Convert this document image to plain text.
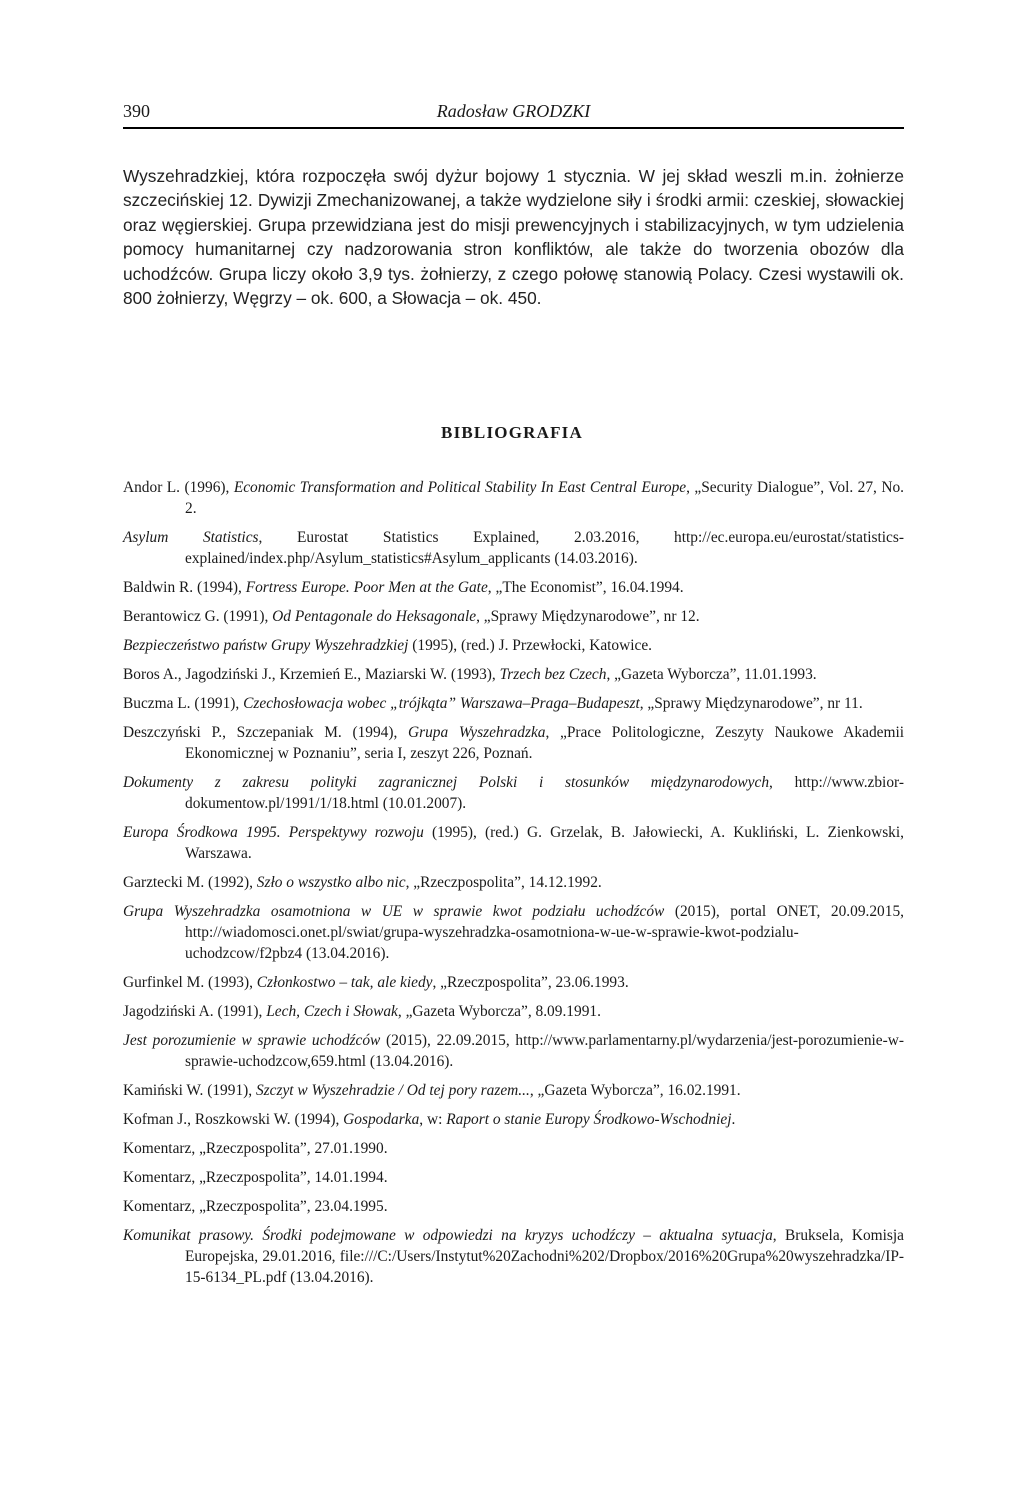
390	Radosław GRODZKI

Wyszehradzkiej, która rozpoczęła swój dyżur bojowy 1 stycznia. W jej skład weszli m.in. żołnierze szczecińskiej 12. Dywizji Zmechanizowanej, a także wydzielone siły i środki armii: czeskiej, słowackiej oraz węgierskiej. Grupa przewidziana jest do misji prewencyjnych i stabilizacyjnych, w tym udzielenia pomocy humanitarnej czy nadzorowania stron konfliktów, ale także do tworzenia obozów dla uchodźców. Grupa liczy około 3,9 tys. żołnierzy, z czego połowę stanowią Polacy. Czesi wystawili ok. 800 żołnierzy, Węgrzy – ok. 600, a Słowacja – ok. 450.

BIBLIOGRAFIA
Andor L. (1996), Economic Transformation and Political Stability In East Central Europe, „Security Dialogue”, Vol. 27, No. 2.
Asylum Statistics, Eurostat Statistics Explained, 2.03.2016, http://ec.europa.eu/eurostat/statistics-explained/index.php/Asylum_statistics#Asylum_applicants (14.03.2016).
Baldwin R. (1994), Fortress Europe. Poor Men at the Gate, „The Economist”, 16.04.1994.
Berantowicz G. (1991), Od Pentagonale do Heksagonale, „Sprawy Międzynarodowe”, nr 12.
Bezpieczeństwo państw Grupy Wyszehradzkiej (1995), (red.) J. Przewłocki, Katowice.
Boros A., Jagodziński J., Krzemień E., Maziarski W. (1993), Trzech bez Czech, „Gazeta Wyborcza”, 11.01.1993.
Buczma L. (1991), Czechosłowacja wobec „trójkąta” Warszawa–Praga–Budapeszt, „Sprawy Międzynarodowe”, nr 11.
Deszczyński P., Szczepaniak M. (1994), Grupa Wyszehradzka, „Prace Politologiczne, Zeszyty Naukowe Akademii Ekonomicznej w Poznaniu”, seria I, zeszyt 226, Poznań.
Dokumenty z zakresu polityki zagranicznej Polski i stosunków międzynarodowych, http://www.zbior-dokumentow.pl/1991/1/18.html (10.01.2007).
Europa Środkowa 1995. Perspektywy rozwoju (1995), (red.) G. Grzelak, B. Jałowiecki, A. Kukliński, L. Zienkowski, Warszawa.
Garztecki M. (1992), Szło o wszystko albo nic, „Rzeczpospolita”, 14.12.1992.
Grupa Wyszehradzka osamotniona w UE w sprawie kwot podziału uchodźców (2015), portal ONET, 20.09.2015, http://wiadomosci.onet.pl/swiat/grupa-wyszehradzka-osamotniona-w-ue-w-sprawie-kwot-podzialu-uchodzcow/f2pbz4 (13.04.2016).
Gurfinkel M. (1993), Członkostwo – tak, ale kiedy, „Rzeczpospolita”, 23.06.1993.
Jagodziński A. (1991), Lech, Czech i Słowak, „Gazeta Wyborcza”, 8.09.1991.
Jest porozumienie w sprawie uchodźców (2015), 22.09.2015, http://www.parlamentarny.pl/wydarzenia/jest-porozumienie-w-sprawie-uchodzcow,659.html (13.04.2016).
Kamiński W. (1991), Szczyt w Wyszehradzie / Od tej pory razem..., „Gazeta Wyborcza”, 16.02.1991.
Kofman J., Roszkowski W. (1994), Gospodarka, w: Raport o stanie Europy Środkowo-Wschodniej.
Komentarz, „Rzeczpospolita”, 27.01.1990.
Komentarz, „Rzeczpospolita”, 14.01.1994.
Komentarz, „Rzeczpospolita”, 23.04.1995.
Komunikat prasowy. Środki podejmowane w odpowiedzi na kryzys uchodźczy – aktualna sytuacja, Bruksela, Komisja Europejska, 29.01.2016, file:///C:/Users/Instytut%20Zachodni%202/Dropbox/2016%20Grupa%20wyszehradzka/IP-15-6134_PL.pdf (13.04.2016).
